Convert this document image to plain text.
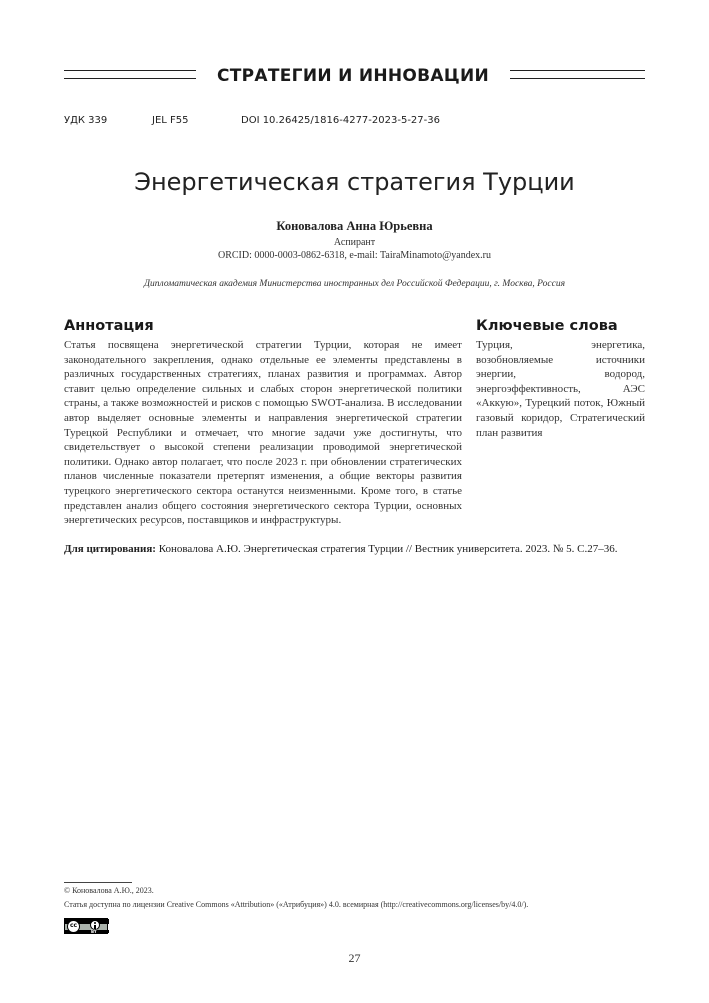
СТРАТЕГИИ И ИННОВАЦИИ
УДК 339	JEL F55	DOI 10.26425/1816-4277-2023-5-27-36
Энергетическая стратегия Турции
Коновалова Анна Юрьевна
Аспирант
ORCID: 0000-0003-0862-6318, e-mail: TairaMinamoto@yandex.ru
Дипломатическая академия Министерства иностранных дел Российской Федерации, г. Москва, Россия
Аннотация
Статья посвящена энергетической стратегии Турции, которая не имеет законодательного закрепления, однако отдельные ее элементы представлены в различных государственных стратегиях, планах развития и программах. Автор ставит целью определение сильных и слабых сторон энергетической политики страны, а также возможностей и рисков с помощью SWOT-анализа. В исследовании автор выделяет основные элементы и направления энергетической стратегии Турецкой Республики и отмечает, что многие задачи уже достигнуты, что свидетельствует о высокой степени реализации проводимой энергетической политики. Однако автор полагает, что после 2023 г. при обновлении стратегических планов численные показатели претерпят изменения, а общие векторы развития турецкого энергетического сектора останутся неизменными. Кроме того, в статье представлен анализ общего состояния энергетического сектора Турции, основных энергетических ресурсов, поставщиков и инфраструктуры.
Ключевые слова
Турция, энергетика, возобновляемые источники энергии, водород, энергоэффективность, АЭС «Аккую», Турецкий поток, Южный газовый коридор, Стратегический план развития
Для цитирования: Коновалова А.Ю. Энергетическая стратегия Турции // Вестник университета. 2023. № 5. С.27–36.
© Коновалова А.Ю., 2023.
Статья доступна по лицензии Creative Commons «Attribution» («Атрибуция») 4.0. всемирная (http://creativecommons.org/licenses/by/4.0/).
cc
BY
27
